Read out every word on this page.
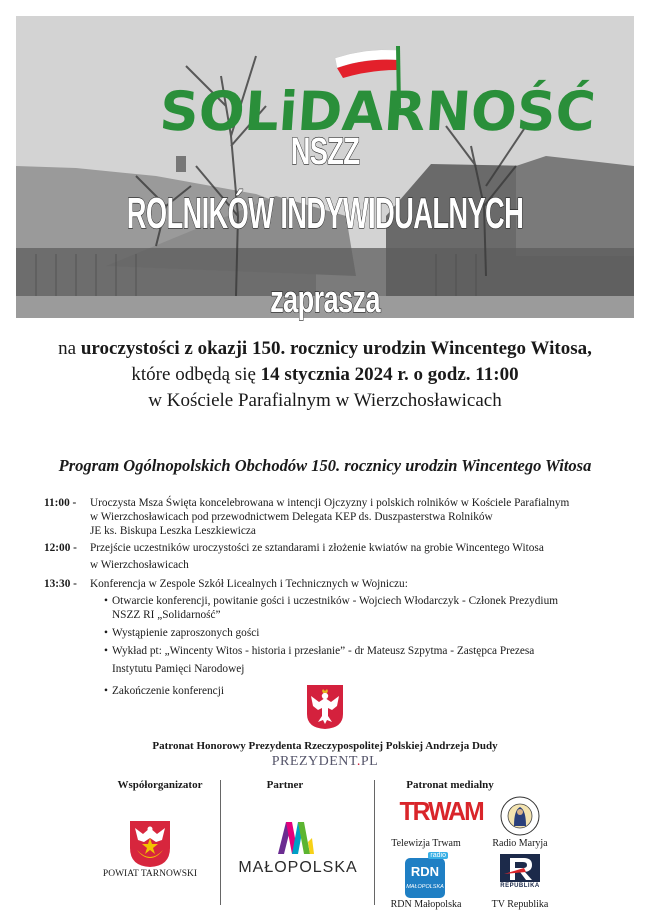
SOLiDARNOŚĆ
NSZZ
ROLNIKÓW INDYWIDUALNYCH
zaprasza
na uroczystości z okazji 150. rocznicy urodzin Wincentego Witosa,
które odbędą się 14 stycznia 2024 r. o godz. 11:00
w Kościele Parafialnym w Wierzchosławicach
Program Ogólnopolskich Obchodów 150. rocznicy urodzin Wincentego Witosa
11:00 - Uroczysta Msza Święta koncelebrowana w intencji Ojczyzny i polskich rolników w Kościele Parafialnym
w Wierzchosławicach pod przewodnictwem Delegata KEP ds. Duszpasterstwa Rolników
JE ks. Biskupa Leszka Leszkiewicza
12:00 - Przejście uczestników uroczystości ze sztandarami i złożenie kwiatów na grobie Wincentego Witosa
w Wierzchosławicach
13:30 - Konferencja w Zespole Szkół Licealnych i Technicznych w Wojniczu:
• Otwarcie konferencji, powitanie gości i uczestników - Wojciech Włodarczyk - Członek Prezydium
NSZZ RI „Solidarność”
• Wystąpienie zaproszonych gości
• Wykład pt: „Wincenty Witos - historia i przesłanie” - dr Mateusz Szpytma - Zastępca Prezesa
Instytutu Pamięci Narodowej
• Zakończenie konferencji
Patronat Honorowy Prezydenta Rzeczypospolitej Polskiej Andrzeja Dudy
PREZYDENT.PL
Współorganizator	Partner	Patronat medialny
POWIAT TARNOWSKI	MAŁOPOLSKA
TRWAM
Telewizja Trwam	Radio Maryja
radio
RDN
MAŁOPOLSKA
RDN Małopolska
REPUBLIKA
TV Republika
